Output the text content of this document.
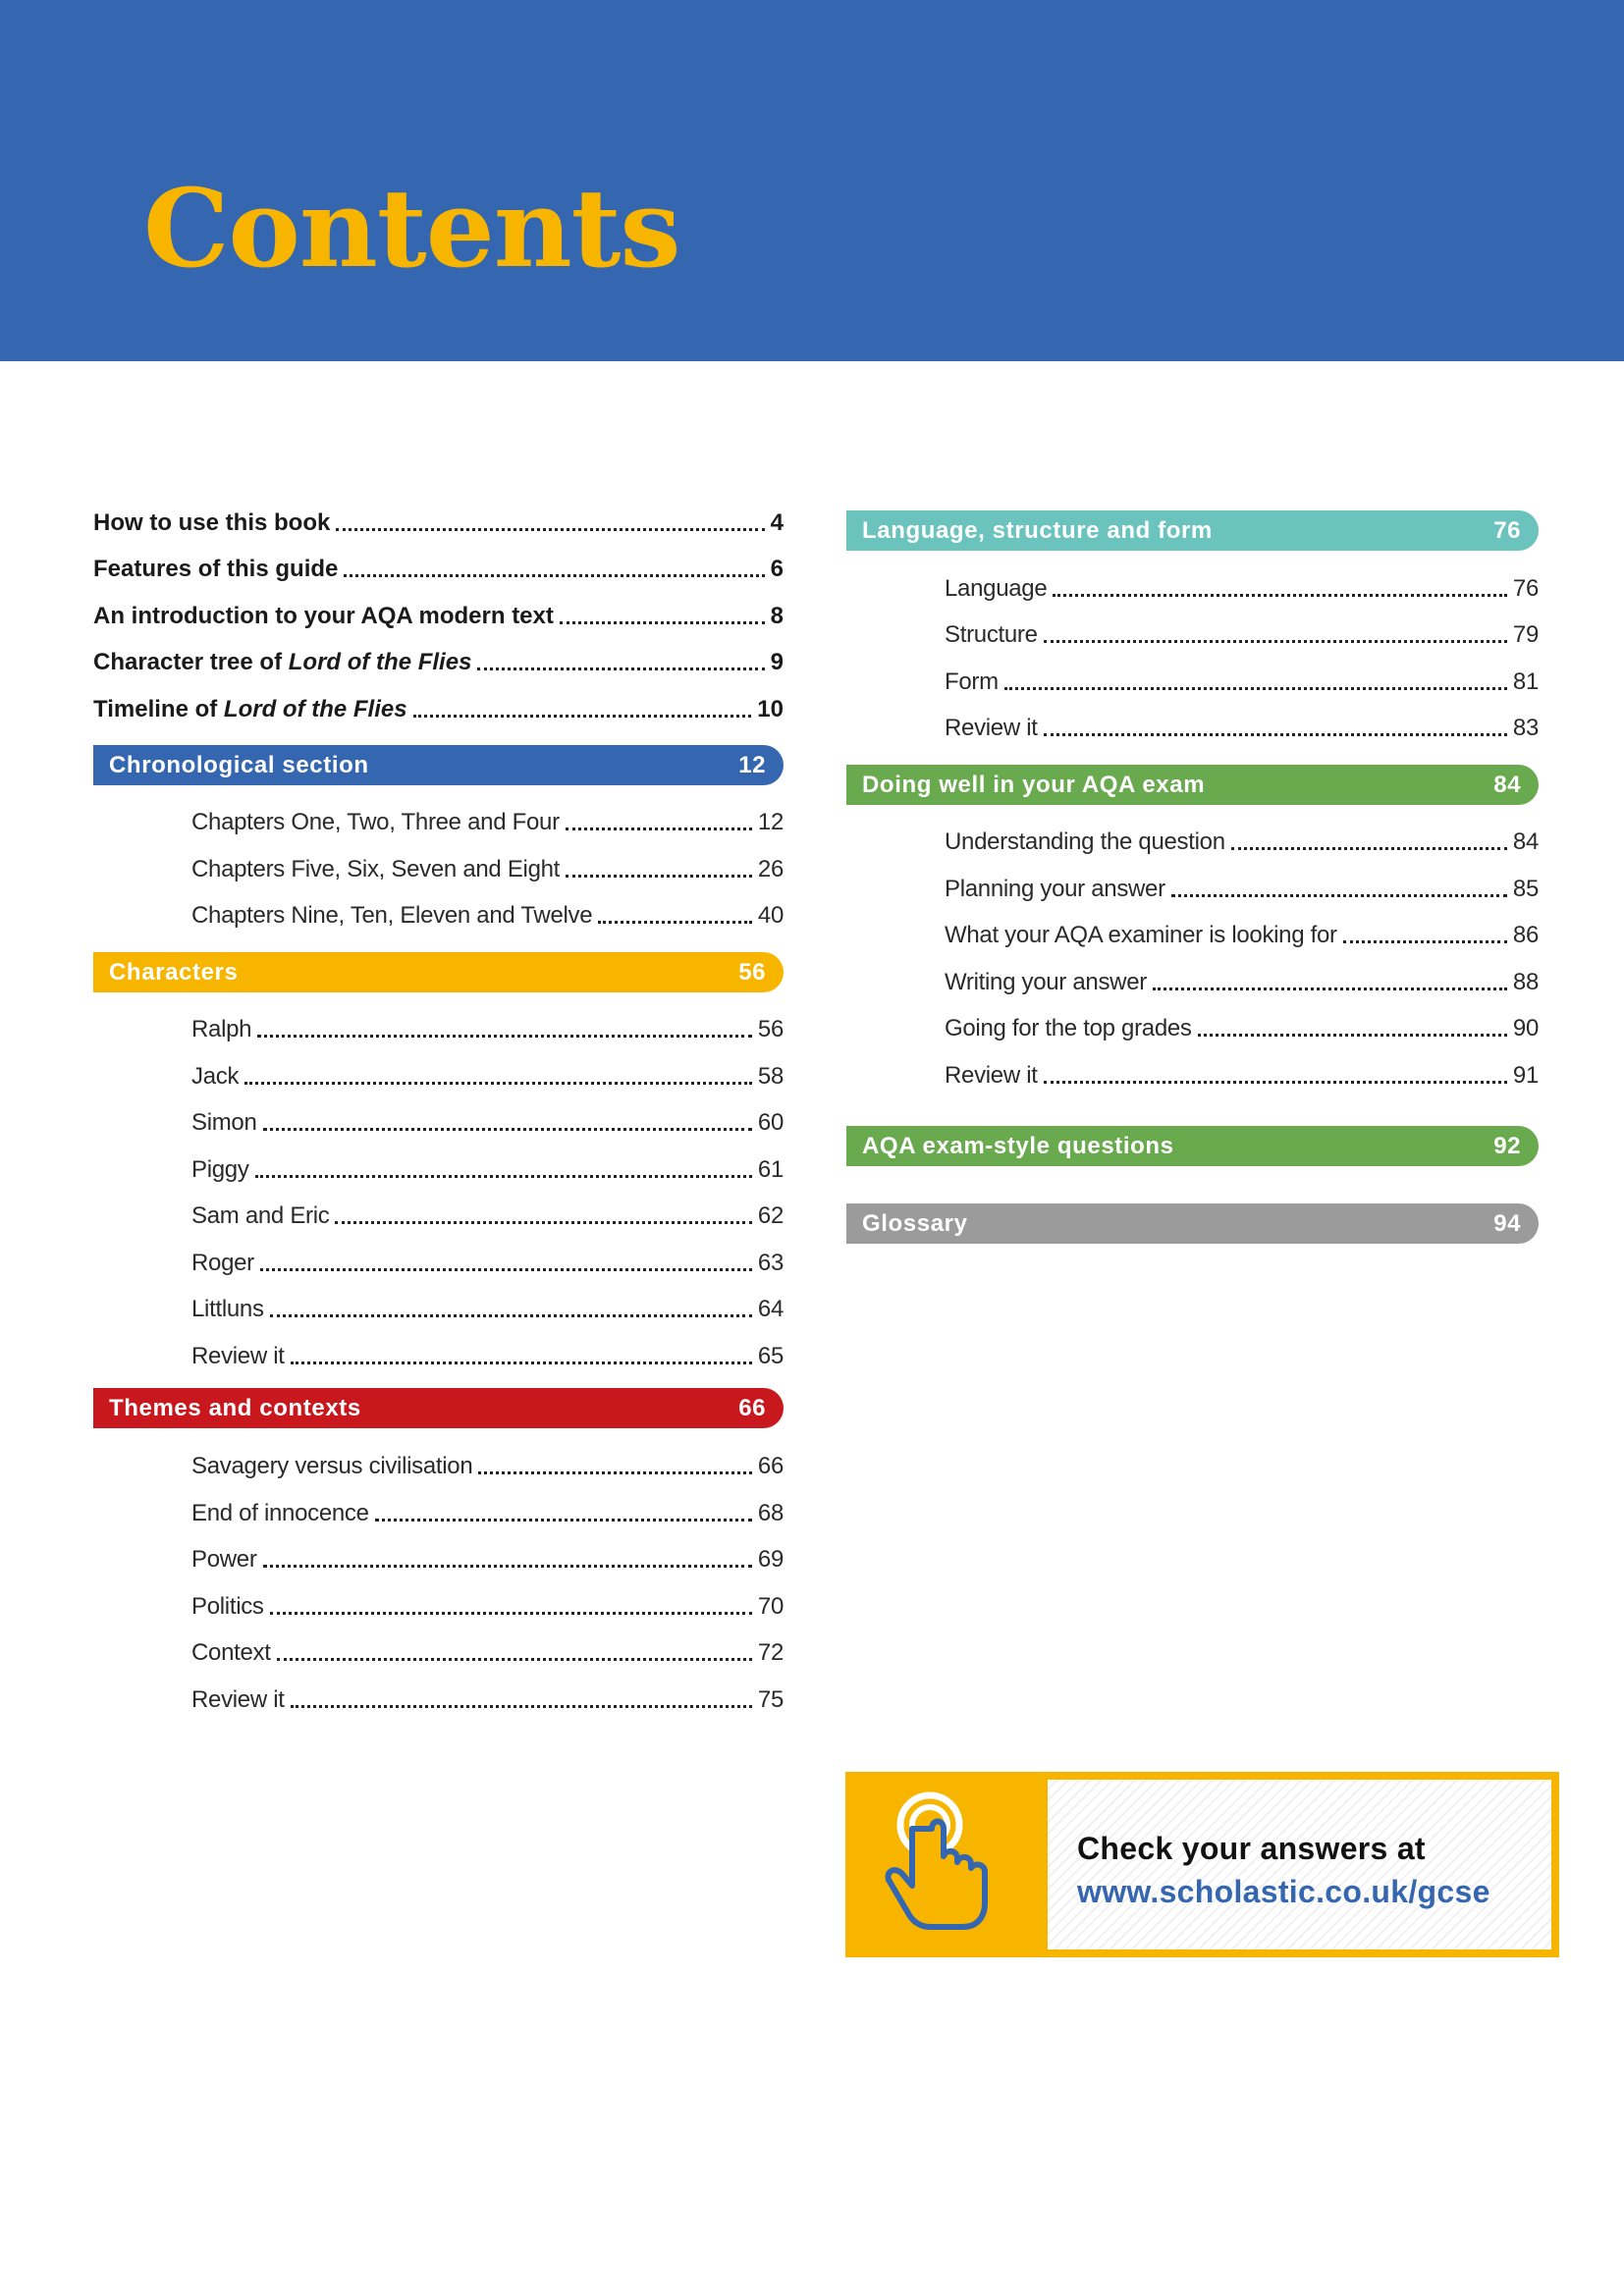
Contents
How to use this book	4
Features of this guide	6
An introduction to your AQA modern text	8
Character tree of Lord of the Flies	9
Timeline of Lord of the Flies	10
Chronological section	12
Chapters One, Two, Three and Four	12
Chapters Five, Six, Seven and Eight	26
Chapters Nine, Ten, Eleven and Twelve	40
Characters	56
Ralph	56
Jack	58
Simon	60
Piggy	61
Sam and Eric	62
Roger	63
Littluns	64
Review it	65
Themes and contexts	66
Savagery versus civilisation	66
End of innocence	68
Power	69
Politics	70
Context	72
Review it	75
Language, structure and form	76
Language	76
Structure	79
Form	81
Review it	83
Doing well in your AQA exam	84
Understanding the question	84
Planning your answer	85
What your AQA examiner is looking for	86
Writing your answer	88
Going for the top grades	90
Review it	91
AQA exam-style questions	92
Glossary	94
Check your answers at
www.scholastic.co.uk/gcse
